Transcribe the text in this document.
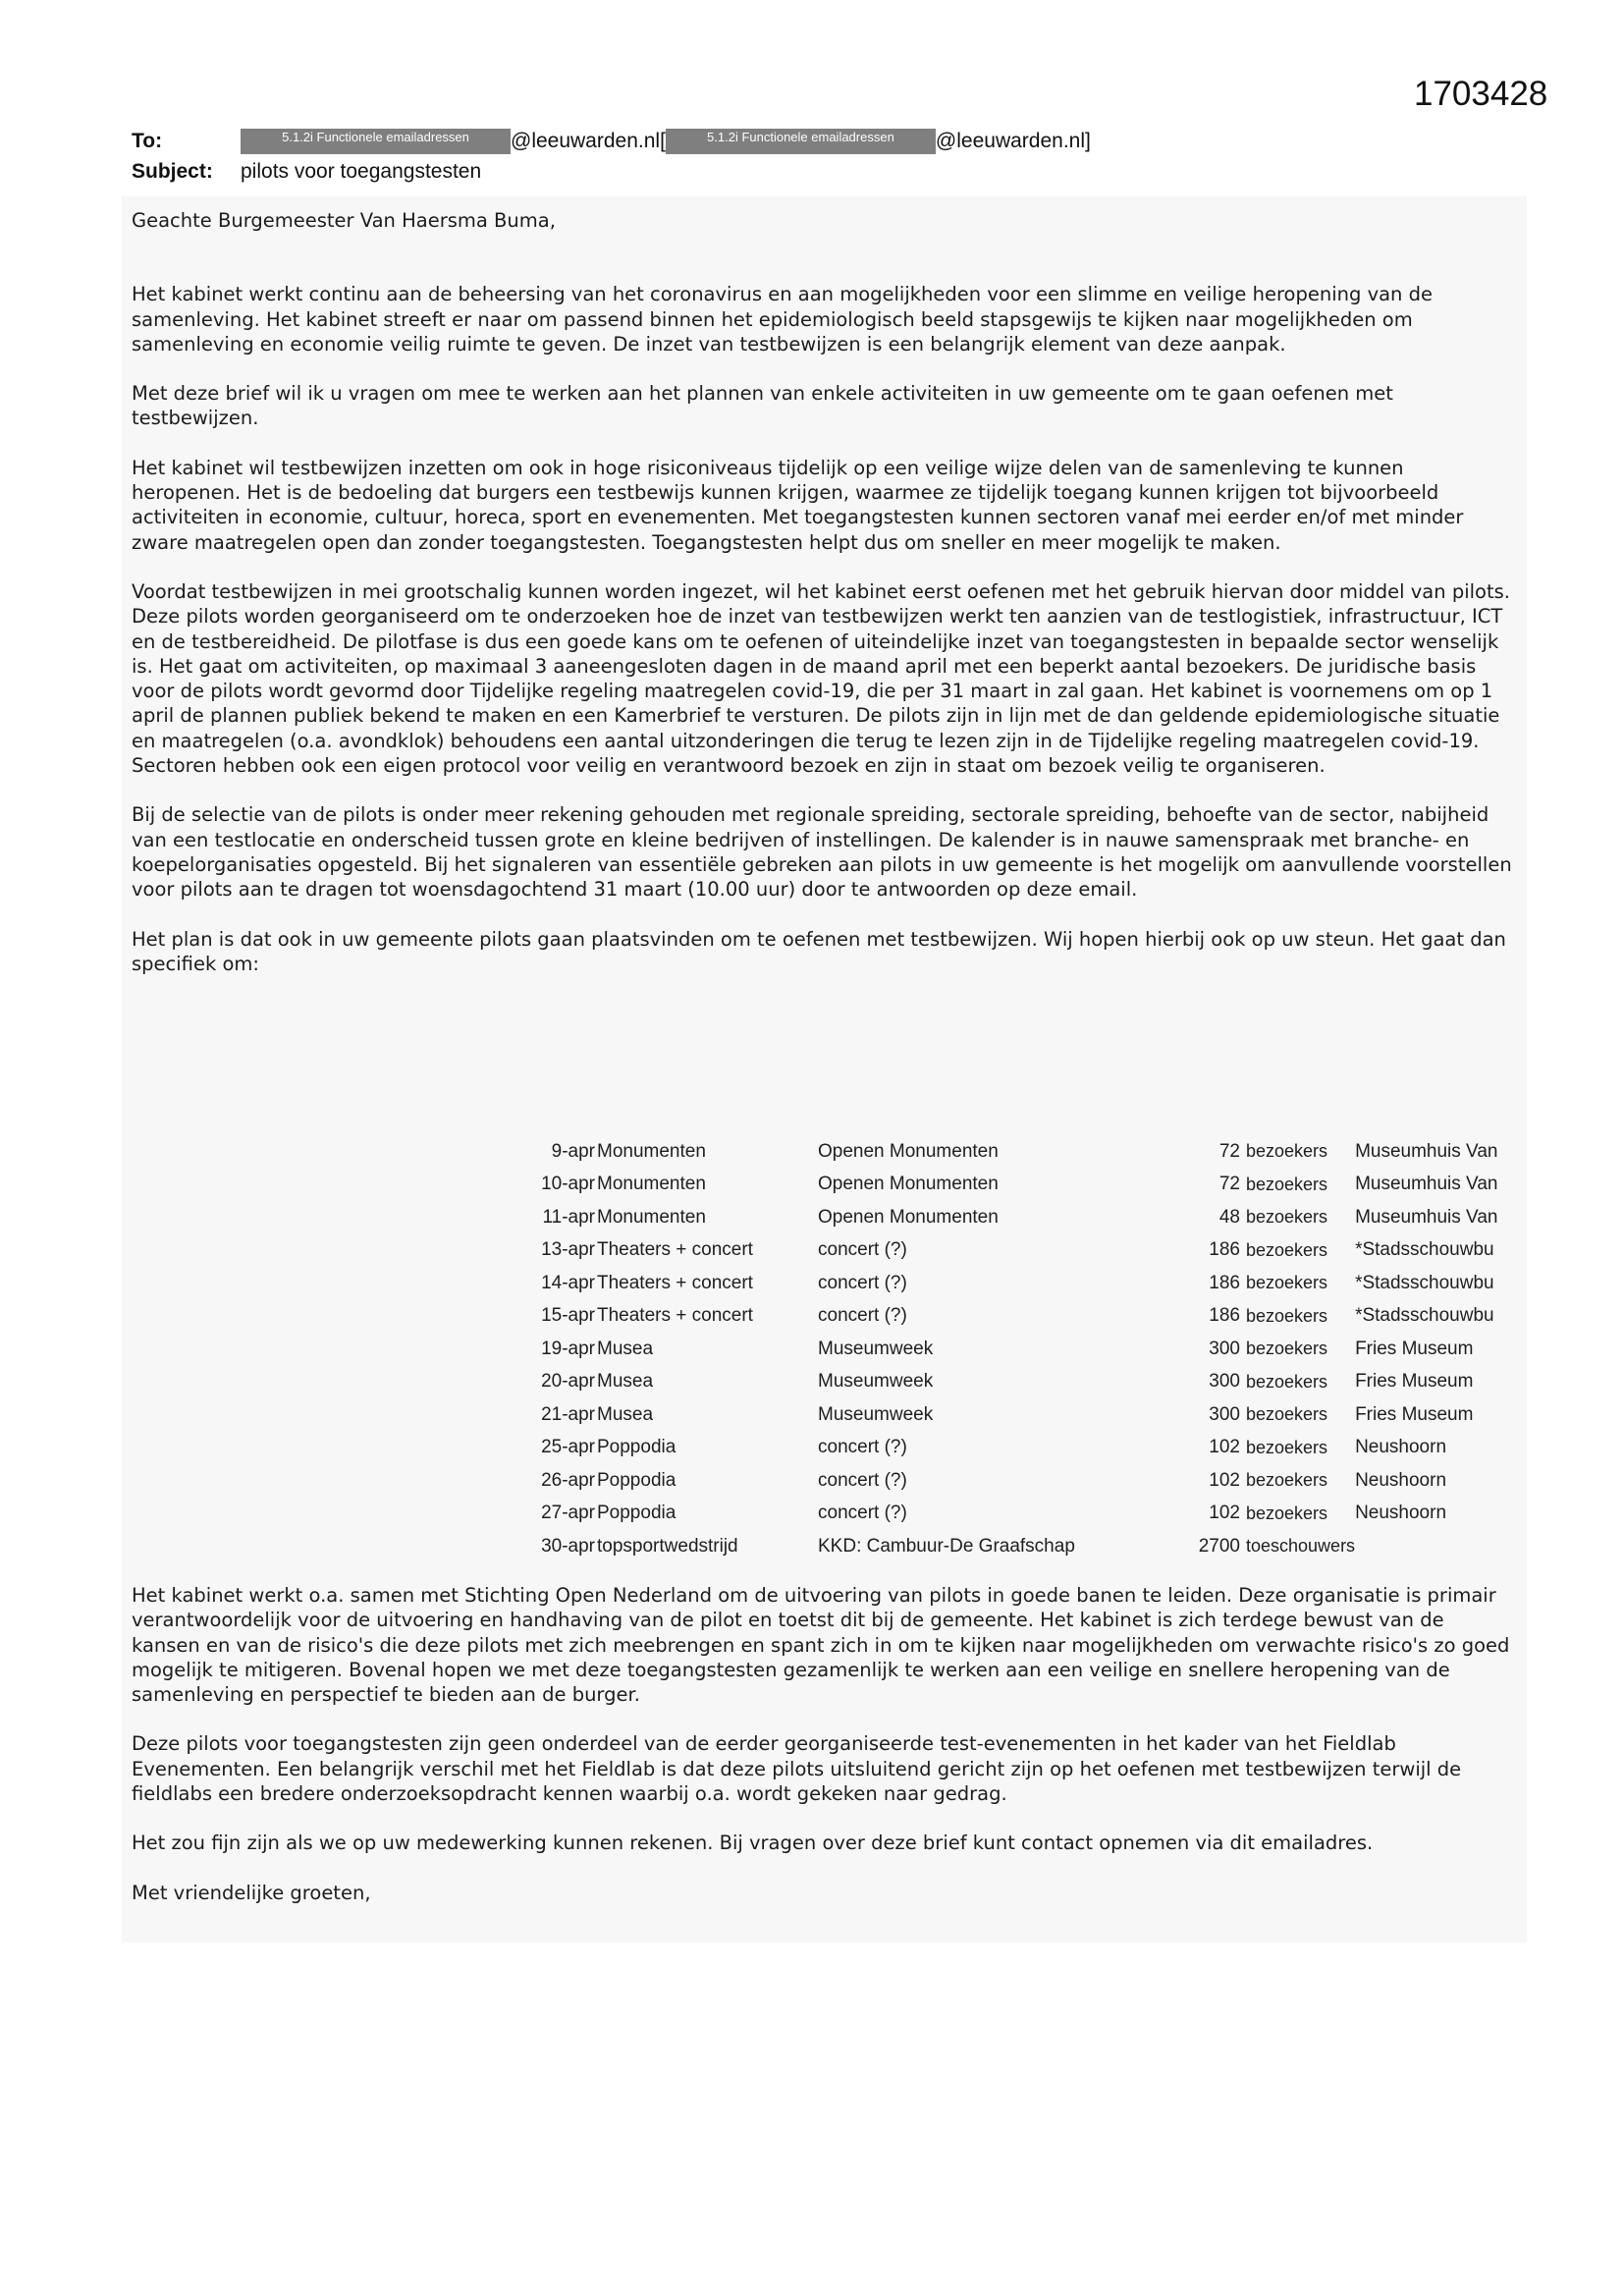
1703428
To:	5.1.2i Functionele emailadressen	@leeuwarden.nl[	5.1.2i Functionele emailadressen	@leeuwarden.nl]
Subject:	pilots voor toegangstesten

Geachte Burgemeester Van Haersma Buma,

Het kabinet werkt continu aan de beheersing van het coronavirus en aan mogelijkheden voor een slimme en veilige heropening van de samenleving. Het kabinet streeft er naar om passend binnen het epidemiologisch beeld stapsgewijs te kijken naar mogelijkheden om samenleving en economie veilig ruimte te geven. De inzet van testbewijzen is een belangrijk element van deze aanpak.

Met deze brief wil ik u vragen om mee te werken aan het plannen van enkele activiteiten in uw gemeente om te gaan oefenen met testbewijzen.

Het kabinet wil testbewijzen inzetten om ook in hoge risiconiveaus tijdelijk op een veilige wijze delen van de samenleving te kunnen heropenen. Het is de bedoeling dat burgers een testbewijs kunnen krijgen, waarmee ze tijdelijk toegang kunnen krijgen tot bijvoorbeeld activiteiten in economie, cultuur, horeca, sport en evenementen. Met toegangstesten kunnen sectoren vanaf mei eerder en/of met minder zware maatregelen open dan zonder toegangstesten. Toegangstesten helpt dus om sneller en meer mogelijk te maken.

Voordat testbewijzen in mei grootschalig kunnen worden ingezet, wil het kabinet eerst oefenen met het gebruik hiervan door middel van pilots. Deze pilots worden georganiseerd om te onderzoeken hoe de inzet van testbewijzen werkt ten aanzien van de testlogistiek, infrastructuur, ICT en de testbereidheid. De pilotfase is dus een goede kans om te oefenen of uiteindelijke inzet van toegangstesten in bepaalde sector wenselijk is. Het gaat om activiteiten, op maximaal 3 aaneengesloten dagen in de maand april met een beperkt aantal bezoekers. De juridische basis voor de pilots wordt gevormd door Tijdelijke regeling maatregelen covid-19, die per 31 maart in zal gaan. Het kabinet is voornemens om op 1 april de plannen publiek bekend te maken en een Kamerbrief te versturen. De pilots zijn in lijn met de dan geldende epidemiologische situatie en maatregelen (o.a. avondklok) behoudens een aantal uitzonderingen die terug te lezen zijn in de Tijdelijke regeling maatregelen covid-19. Sectoren hebben ook een eigen protocol voor veilig en verantwoord bezoek en zijn in staat om bezoek veilig te organiseren.

Bij de selectie van de pilots is onder meer rekening gehouden met regionale spreiding, sectorale spreiding, behoefte van de sector, nabijheid van een testlocatie en onderscheid tussen grote en kleine bedrijven of instellingen. De kalender is in nauwe samenspraak met branche- en koepelorganisaties opgesteld. Bij het signaleren van essentiële gebreken aan pilots in uw gemeente is het mogelijk om aanvullende voorstellen voor pilots aan te dragen tot woensdagochtend 31 maart (10.00 uur) door te antwoorden op deze email.

Het plan is dat ook in uw gemeente pilots gaan plaatsvinden om te oefenen met testbewijzen. Wij hopen hierbij ook op uw steun. Het gaat dan specifiek om:

9-apr	Monumenten	Openen Monumenten	72	bezoekers	Museumhuis Van
10-apr	Monumenten	Openen Monumenten	72	bezoekers	Museumhuis Van
11-apr	Monumenten	Openen Monumenten	48	bezoekers	Museumhuis Van
13-apr	Theaters + concert	concert (?)	186	bezoekers	*Stadsschouwbu
14-apr	Theaters + concert	concert (?)	186	bezoekers	*Stadsschouwbu
15-apr	Theaters + concert	concert (?)	186	bezoekers	*Stadsschouwbu
19-apr	Musea	Museumweek	300	bezoekers	Fries Museum
20-apr	Musea	Museumweek	300	bezoekers	Fries Museum
21-apr	Musea	Museumweek	300	bezoekers	Fries Museum
25-apr	Poppodia	concert (?)	102	bezoekers	Neushoorn
26-apr	Poppodia	concert (?)	102	bezoekers	Neushoorn
27-apr	Poppodia	concert (?)	102	bezoekers	Neushoorn
30-apr	topsportwedstrijd	KKD: Cambuur-De Graafschap	2700	toeschouwers	

Het kabinet werkt o.a. samen met Stichting Open Nederland om de uitvoering van pilots in goede banen te leiden. Deze organisatie is primair verantwoordelijk voor de uitvoering en handhaving van de pilot en toetst dit bij de gemeente. Het kabinet is zich terdege bewust van de kansen en van de risico's die deze pilots met zich meebrengen en spant zich in om te kijken naar mogelijkheden om verwachte risico's zo goed mogelijk te mitigeren. Bovenal hopen we met deze toegangstesten gezamenlijk te werken aan een veilige en snellere heropening van de samenleving en perspectief te bieden aan de burger.

Deze pilots voor toegangstesten zijn geen onderdeel van de eerder georganiseerde test-evenementen in het kader van het Fieldlab Evenementen. Een belangrijk verschil met het Fieldlab is dat deze pilots uitsluitend gericht zijn op het oefenen met testbewijzen terwijl de fieldlabs een bredere onderzoeksopdracht kennen waarbij o.a. wordt gekeken naar gedrag.

Het zou fijn zijn als we op uw medewerking kunnen rekenen. Bij vragen over deze brief kunt contact opnemen via dit emailadres.

Met vriendelijke groeten,
